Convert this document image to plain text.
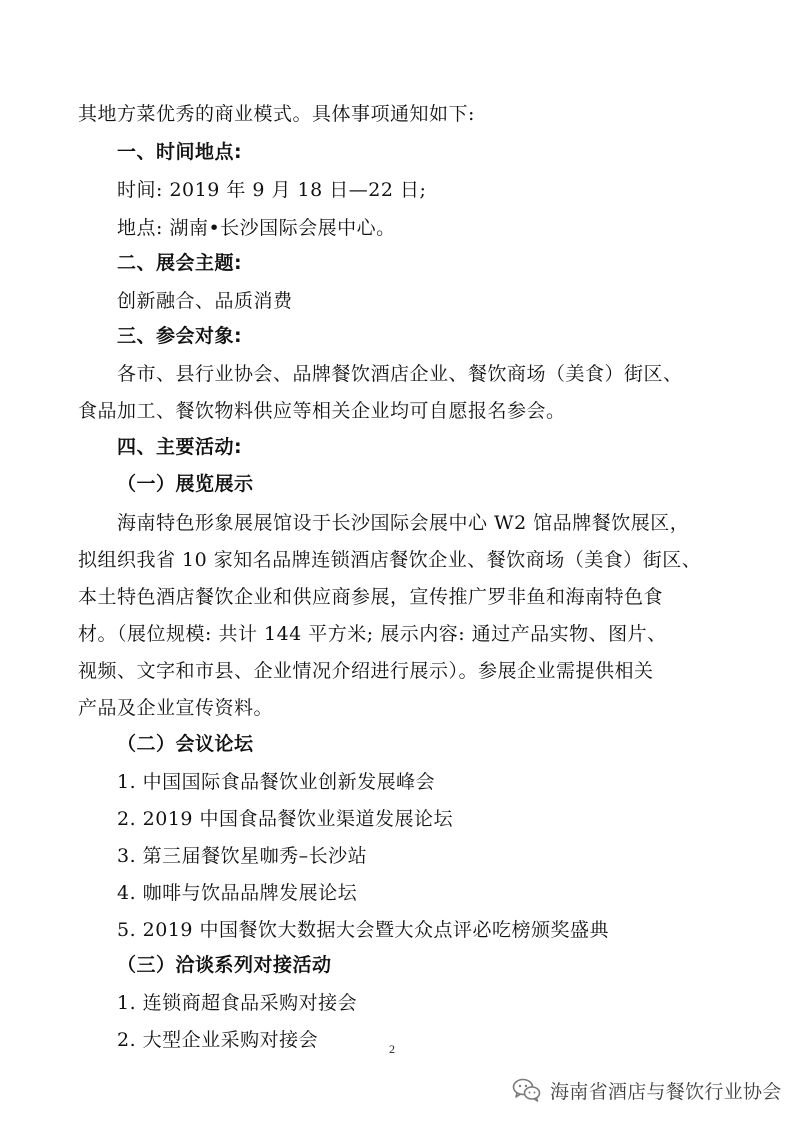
其地方菜优秀的商业模式。具体事项通知如下:
一、时间地点:
时间: 2019 年 9 月 18 日—22 日;
地点: 湖南•长沙国际会展中心。
二、展会主题:
创新融合、品质消费
三、参会对象:
各市、县行业协会、品牌餐饮酒店企业、餐饮商场（美食）街区、
食品加工、餐饮物料供应等相关企业均可自愿报名参会。
四、主要活动:
（一）展览展示
海南特色形象展展馆设于长沙国际会展中心 W2 馆品牌餐饮展区，
拟组织我省 10 家知名品牌连锁酒店餐饮企业、餐饮商场（美食）街区、
本土特色酒店餐饮企业和供应商参展，宣传推广罗非鱼和海南特色食
材。（展位规模: 共计 144 平方米; 展示内容: 通过产品实物、图片、
视频、文字和市县、企业情况介绍进行展示）。参展企业需提供相关
产品及企业宣传资料。
（二）会议论坛
1. 中国国际食品餐饮业创新发展峰会
2. 2019 中国食品餐饮业渠道发展论坛
3. 第三届餐饮星咖秀–长沙站
4. 咖啡与饮品品牌发展论坛
5. 2019 中国餐饮大数据大会暨大众点评必吃榜颁奖盛典
（三）洽谈系列对接活动
1. 连锁商超食品采购对接会
2. 大型企业采购对接会	2
海南省酒店与餐饮行业协会
